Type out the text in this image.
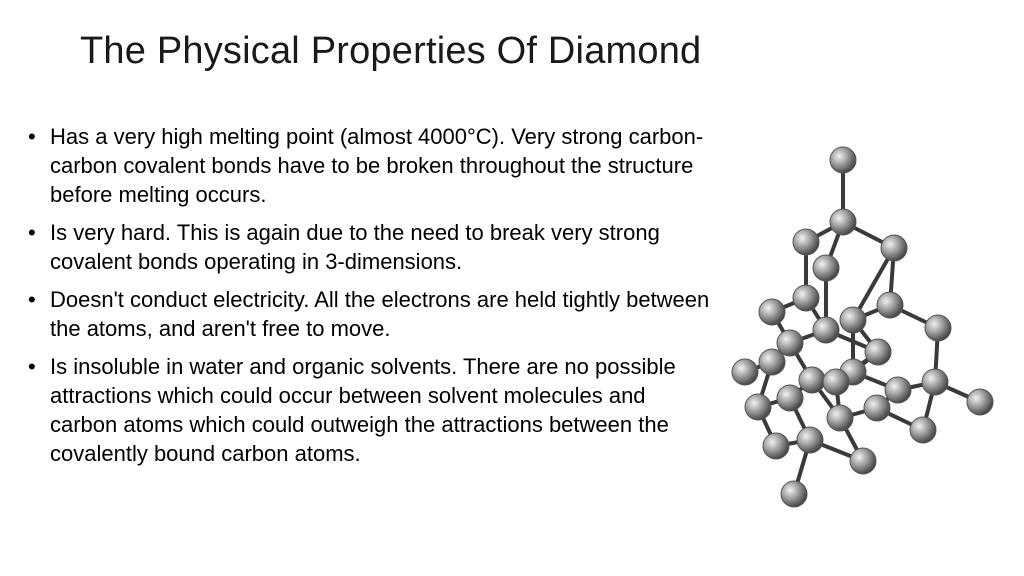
The Physical Properties Of Diamond
• Has a very high melting point (almost 4000°C). Very strong carbon-carbon covalent bonds have to be broken throughout the structure before melting occurs.
• Is very hard. This is again due to the need to break very strong covalent bonds operating in 3-dimensions.
• Doesn't conduct electricity. All the electrons are held tightly between the atoms, and aren't free to move.
• Is insoluble in water and organic solvents. There are no possible attractions which could occur between solvent molecules and carbon atoms which could outweigh the attractions between the covalently bound carbon atoms.
